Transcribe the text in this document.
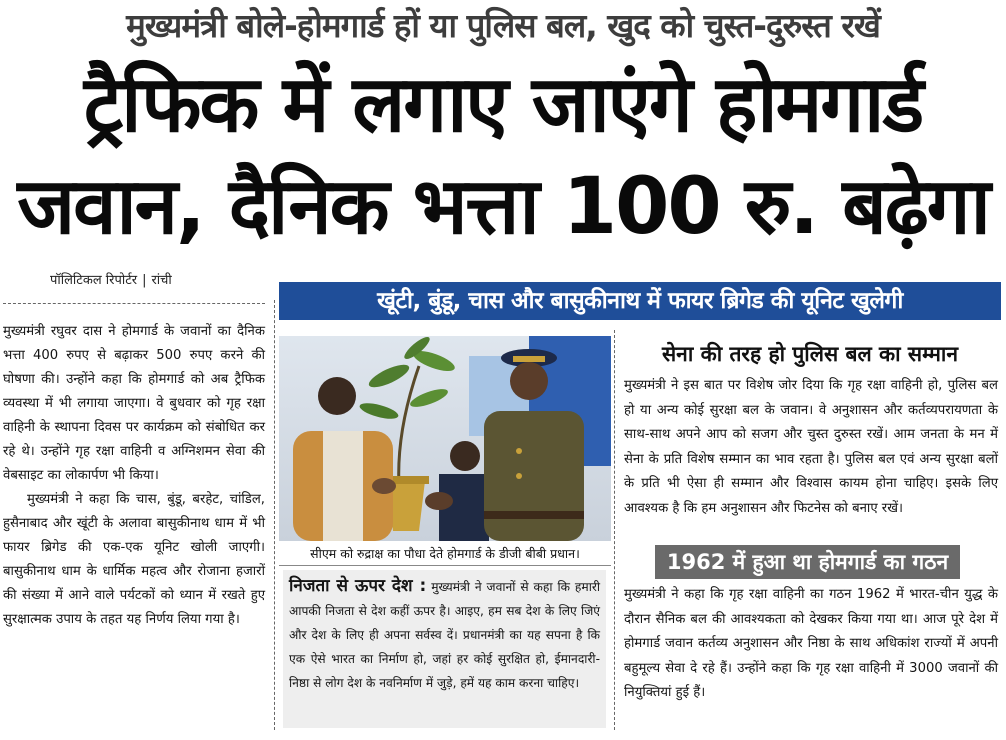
मुख्यमंत्री बोले-होमगार्ड हों या पुलिस बल, खुद को चुस्त-दुरुस्त रखें
ट्रैफिक में लगाए जाएंगे होमगार्ड
जवान, दैनिक भत्ता 100 रु. बढ़ेगा
पॉलिटिकल रिपोर्टर | रांची

मुख्यमंत्री रघुवर दास ने होमगार्ड के जवानों का दैनिक भत्ता 400 रुपए से बढ़ाकर 500 रुपए करने की घोषणा की। उन्होंने कहा कि होमगार्ड को अब ट्रैफिक व्यवस्था में भी लगाया जाएगा। वे बुधवार को गृह रक्षा वाहिनी के स्थापना दिवस पर कार्यक्रम को संबोधित कर रहे थे। उन्होंने गृह रक्षा वाहिनी व अग्निशमन सेवा की वेबसाइट का लोकार्पण भी किया।

मुख्यमंत्री ने कहा कि चास, बुंडू, बरहेट, चांडिल, हुसैनाबाद और खूंटी के अलावा बासुकीनाथ धाम में भी फायर ब्रिगेड की एक-एक यूनिट खोली जाएगी। बासुकीनाथ धाम के धार्मिक महत्व और रोजाना हजारों की संख्या में आने वाले पर्यटकों को ध्यान में रखते हुए सुरक्षात्मक उपाय के तहत यह निर्णय लिया गया है।

खूंटी, बुंडू, चास और बासुकीनाथ में फायर ब्रिगेड की यूनिट खुलेगी
सीएम को रुद्राक्ष का पौधा देते होमगार्ड के डीजी बीबी प्रधान।
निजता से ऊपर देश : मुख्यमंत्री ने जवानों से कहा कि हमारी आपकी निजता से देश कहीं ऊपर है। आइए, हम सब देश के लिए जिएं और देश के लिए ही अपना सर्वस्व दें। प्रधानमंत्री का यह सपना है कि एक ऐसे भारत का निर्माण हो, जहां हर कोई सुरक्षित हो, ईमानदारी-निष्ठा से लोग देश के नवनिर्माण में जुड़े, हमें यह काम करना चाहिए।
सेना की तरह हो पुलिस बल का सम्मान
मुख्यमंत्री ने इस बात पर विशेष जोर दिया कि गृह रक्षा वाहिनी हो, पुलिस बल हो या अन्य कोई सुरक्षा बल के जवान। वे अनुशासन और कर्तव्यपरायणता के साथ-साथ अपने आप को सजग और चुस्त दुरुस्त रखें। आम जनता के मन में सेना के प्रति विशेष सम्मान का भाव रहता है। पुलिस बल एवं अन्य सुरक्षा बलों के प्रति भी ऐसा ही सम्मान और विश्वास कायम होना चाहिए। इसके लिए आवश्यक है कि हम अनुशासन और फिटनेस को बनाए रखें।
1962 में हुआ था होमगार्ड का गठन
मुख्यमंत्री ने कहा कि गृह रक्षा वाहिनी का गठन 1962 में भारत-चीन युद्ध के दौरान सैनिक बल की आवश्यकता को देखकर किया गया था। आज पूरे देश में होमगार्ड जवान कर्तव्य अनुशासन और निष्ठा के साथ अधिकांश राज्यों में अपनी बहुमूल्य सेवा दे रहे हैं। उन्होंने कहा कि गृह रक्षा वाहिनी में 3000 जवानों की नियुक्तियां हुई हैं।
